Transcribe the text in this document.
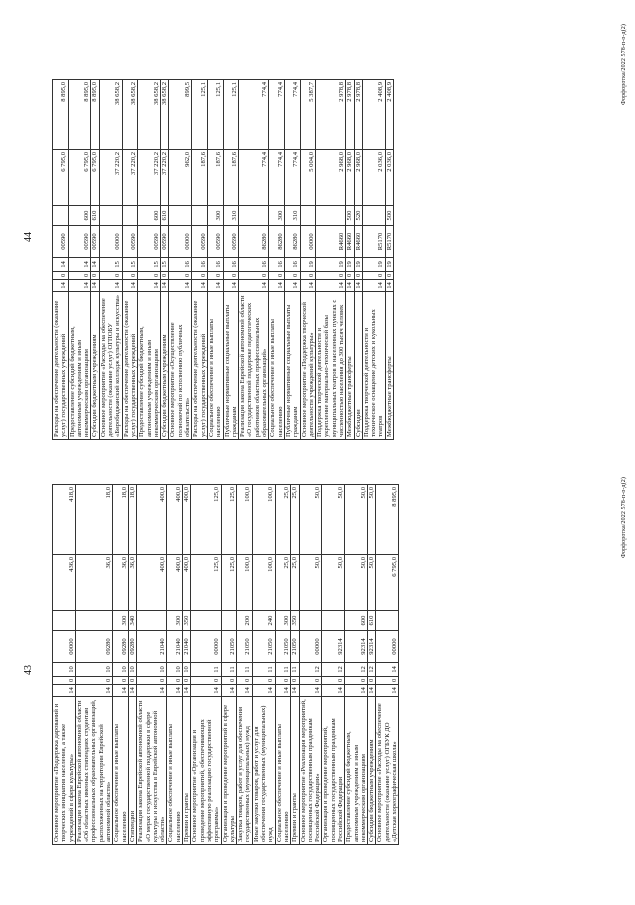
43
Основное мероприятие «Поддержка дарований и творческих инициатив населения, а также учреждений в сфере культуры»	14	0	10	00000		436,0	418,0
Реализация закона Еврейской автономной области «Об областных именных стипендиях студентам профессиональных образовательных организаций, расположенных на территории Еврейской автономной области»	14	0	10	09280		36,0	18,0
Социальное обеспечение и иные выплаты населению	14	0	10	09280	300	36,0	18,0
Стипендии	14	0	10	09280	340	36,0	18,0
Реализация закона Еврейской автономной области «О мерах государственной поддержки в сфере культуры и искусства в Еврейской автономной области»	14	0	10	21040		400,0	400,0
Социальное обеспечение и иные выплаты населению	14	0	10	21040	300	400,0	400,0
Премии и гранты	14	0	10	21040	350	400,0	400,0
Основное мероприятие «Организация и проведение мероприятий, обеспечивающих эффективную реализацию государственной программы»	14	0	11	00000		125,0	125,0
Организация и проведение мероприятий в сфере культуры	14	0	11	21050		125,0	125,0
Закупка товаров, работ и услуг для обеспечения государственных (муниципальных) нужд	14	0	11	21050	200	100,0	100,0
Иные закупки товаров, работ и услуг для обеспечения государственных (муниципальных) нужд	14	0	11	21050	240	100,0	100,0
Социальное обеспечение и иные выплаты населению	14	0	11	21050	300	25,0	25,0
Премии и гранты	14	0	11	21050	350	25,0	25,0
Основное мероприятие «Реализация мероприятий, посвященных государственным праздникам Российской Федерации»	14	0	12	00000		50,0	50,0
Организация и проведение мероприятий, посвященных государственным праздникам Российской Федерации	14	0	12	92314		50,0	50,0
Предоставление субсидий бюджетным, автономным учреждениям и иным некоммерческим организациям	14	0	12	92314	600	50,0	50,0
Субсидии бюджетным учреждениям	14	0	12	92314	610	50,0	50,0
Основное мероприятие «Расходы на обеспечение деятельности (оказание услуг) ОГБУК ДО «Детская хореографическая школа»	14	0	14	00000		6 795,0	8 895,0	Форфоротка/2022 578-п-о-д(2)
44
Расходы на обеспечение деятельности (оказание услуг) государственных учреждений	14	0	14	00590		6 795,0	8 895,0
Предоставление субсидий бюджетным, автономным учреждениям и иным некоммерческим организациям	14	0	14	00590	600	6 795,0	8 895,0
Субсидии бюджетным учреждениям	14	0	14	00590	610	6 795,0	8 895,0
Основное мероприятие «Расходы на обеспечение деятельности (оказание услуг) ОГПОБУ «Биробиджанский колледж культуры и искусства»	14	0	15	00000		37 220,2	38 658,2
Расходы на обеспечение деятельности (оказание услуг) государственных учреждений	14	0	15	00590		37 220,2	38 658,2
Предоставление субсидий бюджетным, автономным учреждениям и иным некоммерческим организациям	14	0	15	00590	600	37 220,2	38 658,2
Субсидии бюджетным учреждениям	14	0	15	00590	610	37 220,2	38 658,2
Основное мероприятие «Осуществление полномочий по исполнению публичных обязательств»	14	0	16	00000		962,0	899,5
Расходы на обеспечение деятельности (оказание услуг) государственных учреждений	14	0	16	00590		187,6	125,1
Социальное обеспечение и иные выплаты населению	14	0	16	00590	300	187,6	125,1
Публичные нормативные социальные выплаты гражданам	14	0	16	00590	310	187,6	125,1
Реализация закона Еврейской автономной области «О государственной поддержке педагогических работников областных профессиональных образовательных организаций»	14	0	16	86280		774,4	774,4
Социальное обеспечение и иные выплаты населению	14	0	16	86280	300	774,4	774,4
Публичные нормативные социальные выплаты гражданам	14	0	16	86280	310	774,4	774,4
Основное мероприятие «Поддержка творческой деятельности учреждений культуры»	14	0	19	00000		5 004,0	5 387,7
Поддержка творческой деятельности и укрепление материально-технической базы муниципальных театров в населенных пунктах с численностью населения до 300 тысяч человек	14	0	19	R4660		2 968,0	2 978,8
Межбюджетные трансферты	14	0	19	R4660	500	2 968,0	2 978,8
Субсидии	14	0	19	R4660	520	2 968,0	2 978,8
Поддержка творческой деятельности и техническое оснащение детских и кукольных театров	14	0	19	R5170		2 036,0	2 408,9
Межбюджетные трансферты	14	0	19	R5170	500	2 036,0	2 408,9	Форфоротка/2022 578-п-о-д(2)
